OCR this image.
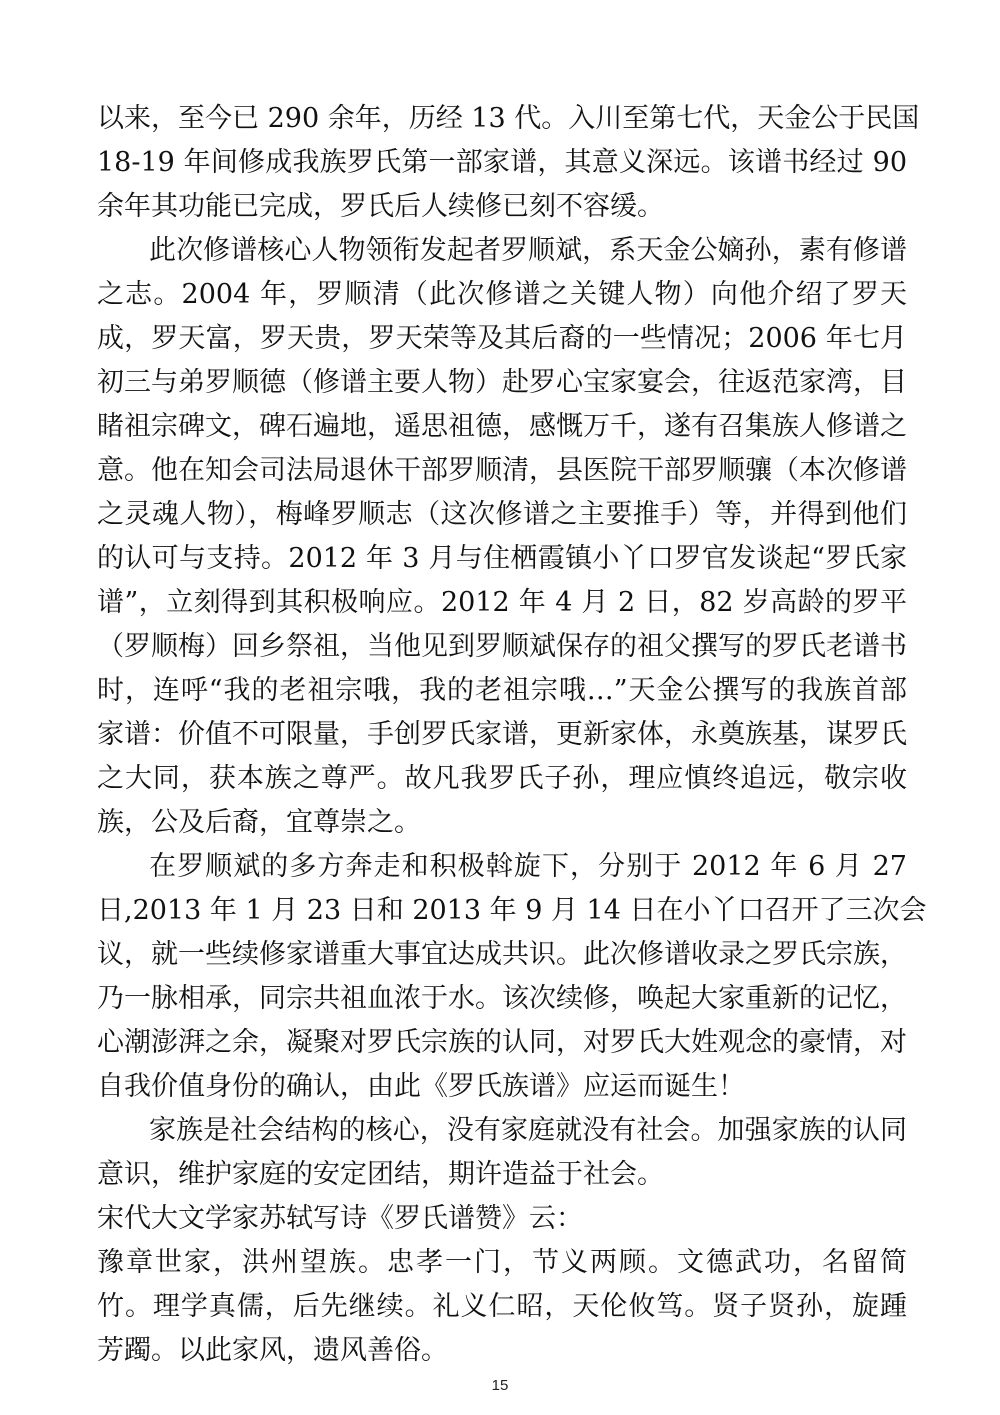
以来，至今已 290 余年，历经 13 代。入川至第七代，天金公于民国
18-19 年间修成我族罗氏第一部家谱，其意义深远。该谱书经过 90
余年其功能已完成，罗氏后人续修已刻不容缓。
此次修谱核心人物领衔发起者罗顺斌，系天金公嫡孙，素有修谱
之志。2004 年，罗顺清（此次修谱之关键人物）向他介绍了罗天
成，罗天富，罗天贵，罗天荣等及其后裔的一些情况；2006 年七月
初三与弟罗顺德（修谱主要人物）赴罗心宝家宴会，往返范家湾，目
睹祖宗碑文，碑石遍地，遥思祖德，感慨万千，遂有召集族人修谱之
意。他在知会司法局退休干部罗顺清，县医院干部罗顺骧（本次修谱
之灵魂人物），梅峰罗顺志（这次修谱之主要推手）等，并得到他们
的认可与支持。2012 年 3 月与住栖霞镇小丫口罗官发谈起“罗氏家
谱”，立刻得到其积极响应。2012 年 4 月 2 日，82 岁高龄的罗平
（罗顺梅）回乡祭祖，当他见到罗顺斌保存的祖父撰写的罗氏老谱书
时，连呼“我的老祖宗哦，我的老祖宗哦…”天金公撰写的我族首部
家谱：价值不可限量，手创罗氏家谱，更新家体，永奠族基，谋罗氏
之大同，获本族之尊严。故凡我罗氏子孙，理应慎终追远，敬宗收
族，公及后裔，宜尊崇之。
在罗顺斌的多方奔走和积极斡旋下，分别于 2012 年 6 月 27
日,2013 年 1 月 23 日和 2013 年 9 月 14 日在小丫口召开了三次会
议，就一些续修家谱重大事宜达成共识。此次修谱收录之罗氏宗族，
乃一脉相承，同宗共祖血浓于水。该次续修，唤起大家重新的记忆，
心潮澎湃之余，凝聚对罗氏宗族的认同，对罗氏大姓观念的豪情，对
自我价值身份的确认，由此《罗氏族谱》应运而诞生！
家族是社会结构的核心，没有家庭就没有社会。加强家族的认同
意识，维护家庭的安定团结，期许造益于社会。
宋代大文学家苏轼写诗《罗氏谱赞》云：
豫章世家，洪州望族。忠孝一门，节义两顾。文德武功，名留简
竹。理学真儒，后先继续。礼义仁昭，天伦攸笃。贤子贤孙，旋踵
芳躅。以此家风，遗风善俗。
15
